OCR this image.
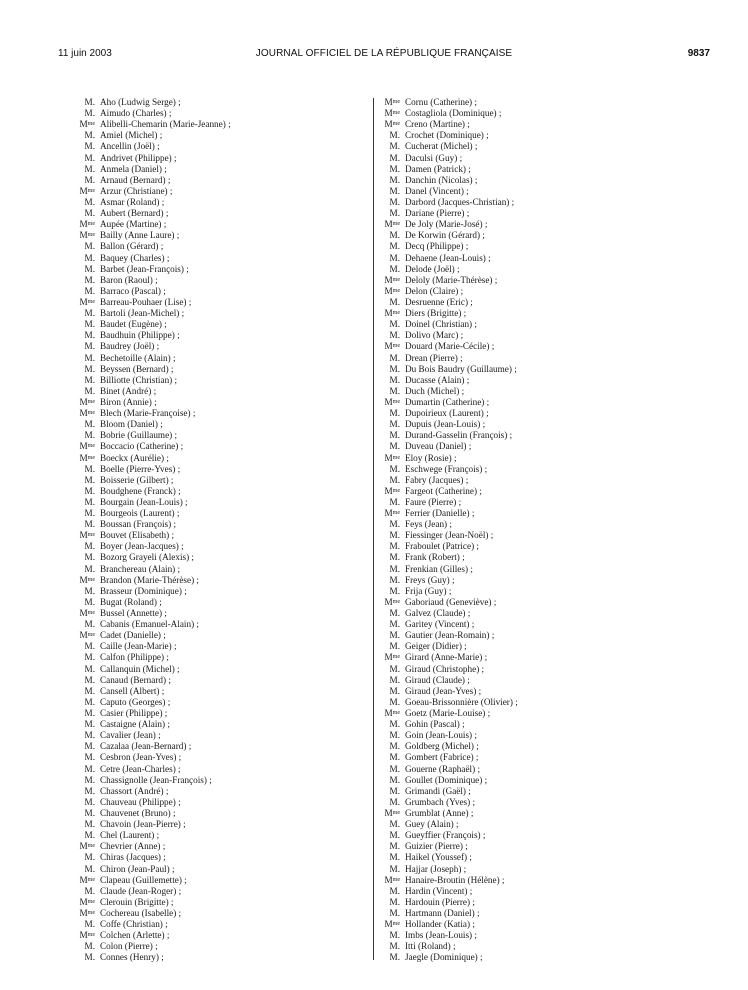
11 juin 2003	JOURNAL OFFICIEL DE LA RÉPUBLIQUE FRANÇAISE	9837
M. Aho (Ludwig Serge) ;
M. Aimudo (Charles) ;
$M^{me}$ Alibelli-Chemarin (Marie-Jeanne) ;
M. Amiel (Michel) ;
M. Ancellin (Joël) ;
M. Andrivet (Philippe) ;
M. Anmela (Daniel) ;
M. Arnaud (Bernard) ;
$M^{me}$ Arzur (Christiane) ;
M. Asmar (Roland) ;
M. Aubert (Bernard) ;
$M^{me}$ Aupée (Martine) ;
$M^{me}$ Bailly (Anne Laure) ;
M. Ballon (Gérard) ;
M. Baquey (Charles) ;
M. Barbet (Jean-François) ;
M. Baron (Raoul) ;
M. Barraco (Pascal) ;
$M^{me}$ Barreau-Pouhaer (Lise) ;
M. Bartoli (Jean-Michel) ;
M. Baudet (Eugène) ;
M. Baudhuin (Philippe) ;
M. Baudrey (Joël) ;
M. Bechetoille (Alain) ;
M. Beyssen (Bernard) ;
M. Billiotte (Christian) ;
M. Binet (André) ;
$M^{me}$ Biron (Annie) ;
$M^{me}$ Blech (Marie-Françoise) ;
M. Bloom (Daniel) ;
M. Bobrie (Guillaume) ;
$M^{me}$ Boccacio (Catherine) ;
$M^{me}$ Boeckx (Aurélie) ;
M. Boelle (Pierre-Yves) ;
M. Boisserie (Gilbert) ;
M. Boudghene (Franck) ;
M. Bourgain (Jean-Louis) ;
M. Bourgeois (Laurent) ;
M. Boussan (François) ;
$M^{me}$ Bouvet (Elisabeth) ;
M. Boyer (Jean-Jacques) ;
M. Bozorg Grayeli (Alexis) ;
M. Branchereau (Alain) ;
$M^{me}$ Brandon (Marie-Thérèse) ;
M. Brasseur (Dominique) ;
M. Bugat (Roland) ;
$M^{me}$ Bussel (Annette) ;
M. Cabanis (Emanuel-Alain) ;
$M^{me}$ Cadet (Danielle) ;
M. Caille (Jean-Marie) ;
M. Calfon (Philippe) ;
M. Callanquin (Michel) ;
M. Canaud (Bernard) ;
M. Cansell (Albert) ;
M. Caputo (Georges) ;
M. Casier (Philippe) ;
M. Castaigne (Alain) ;
M. Cavalier (Jean) ;
M. Cazalaa (Jean-Bernard) ;
M. Cesbron (Jean-Yves) ;
M. Cetre (Jean-Charles) ;
M. Chassignolle (Jean-François) ;
M. Chassort (André) ;
M. Chauveau (Philippe) ;
M. Chauvenet (Bruno) ;
M. Chavoin (Jean-Pierre) ;
M. Chel (Laurent) ;
$M^{me}$ Chevrier (Anne) ;
M. Chiras (Jacques) ;
M. Chiron (Jean-Paul) ;
$M^{me}$ Clapeau (Guillemette) ;
M. Claude (Jean-Roger) ;
$M^{me}$ Clerouin (Brigitte) ;
$M^{me}$ Cochereau (Isabelle) ;
M. Coffe (Christian) ;
$M^{me}$ Colchen (Arlette) ;
M. Colon (Pierre) ;
M. Connes (Henry) ;
$M^{me}$ Cornu (Catherine) ;
$M^{me}$ Costagliola (Dominique) ;
$M^{me}$ Creno (Martine) ;
M. Crochet (Dominique) ;
M. Cucherat (Michel) ;
M. Daculsi (Guy) ;
M. Damen (Patrick) ;
M. Danchin (Nicolas) ;
M. Danel (Vincent) ;
M. Darbord (Jacques-Christian) ;
M. Dariane (Pierre) ;
$M^{me}$ De Joly (Marie-José) ;
M. De Korwin (Gérard) ;
M. Decq (Philippe) ;
M. Dehaene (Jean-Louis) ;
M. Delode (Joël) ;
$M^{me}$ Deloly (Marie-Thérèse) ;
$M^{me}$ Delon (Claire) ;
M. Desruenne (Eric) ;
$M^{me}$ Diers (Brigitte) ;
M. Doinel (Christian) ;
M. Dolivo (Marc) ;
$M^{me}$ Douard (Marie-Cécile) ;
M. Drean (Pierre) ;
M. Du Bois Baudry (Guillaume) ;
M. Ducasse (Alain) ;
M. Duch (Michel) ;
$M^{me}$ Dumartin (Catherine) ;
M. Dupoirieux (Laurent) ;
M. Dupuis (Jean-Louis) ;
M. Durand-Gasselin (François) ;
M. Duveau (Daniel) ;
$M^{me}$ Eloy (Rosie) ;
M. Eschwege (François) ;
M. Fabry (Jacques) ;
$M^{me}$ Fargeot (Catherine) ;
M. Faure (Pierre) ;
$M^{me}$ Ferrier (Danielle) ;
M. Feys (Jean) ;
M. Fiessinger (Jean-Noël) ;
M. Fraboulet (Patrice) ;
M. Frank (Robert) ;
M. Frenkian (Gilles) ;
M. Freys (Guy) ;
M. Frija (Guy) ;
$M^{me}$ Gaboriaud (Geneviève) ;
M. Galvez (Claude) ;
M. Garitey (Vincent) ;
M. Gautier (Jean-Romain) ;
M. Geiger (Didier) ;
$M^{me}$ Girard (Anne-Marie) ;
M. Giraud (Christophe) ;
M. Giraud (Claude) ;
M. Giraud (Jean-Yves) ;
M. Goeau-Brissonnière (Olivier) ;
$M^{me}$ Goetz (Marie-Louise) ;
M. Gohin (Pascal) ;
M. Goin (Jean-Louis) ;
M. Goldberg (Michel) ;
M. Gombert (Fabrice) ;
M. Gouerne (Raphaël) ;
M. Goullet (Dominique) ;
M. Grimandi (Gaël) ;
M. Grumbach (Yves) ;
$M^{me}$ Grumblat (Anne) ;
M. Guey (Alain) ;
M. Gueyffier (François) ;
M. Guizier (Pierre) ;
M. Haikel (Youssef) ;
M. Hajjar (Joseph) ;
$M^{me}$ Hanaire-Broutin (Hélène) ;
M. Hardin (Vincent) ;
M. Hardouin (Pierre) ;
M. Hartmann (Daniel) ;
$M^{me}$ Hollander (Katia) ;
M. Imbs (Jean-Louis) ;
M. Itti (Roland) ;
M. Jaegle (Dominique) ;
